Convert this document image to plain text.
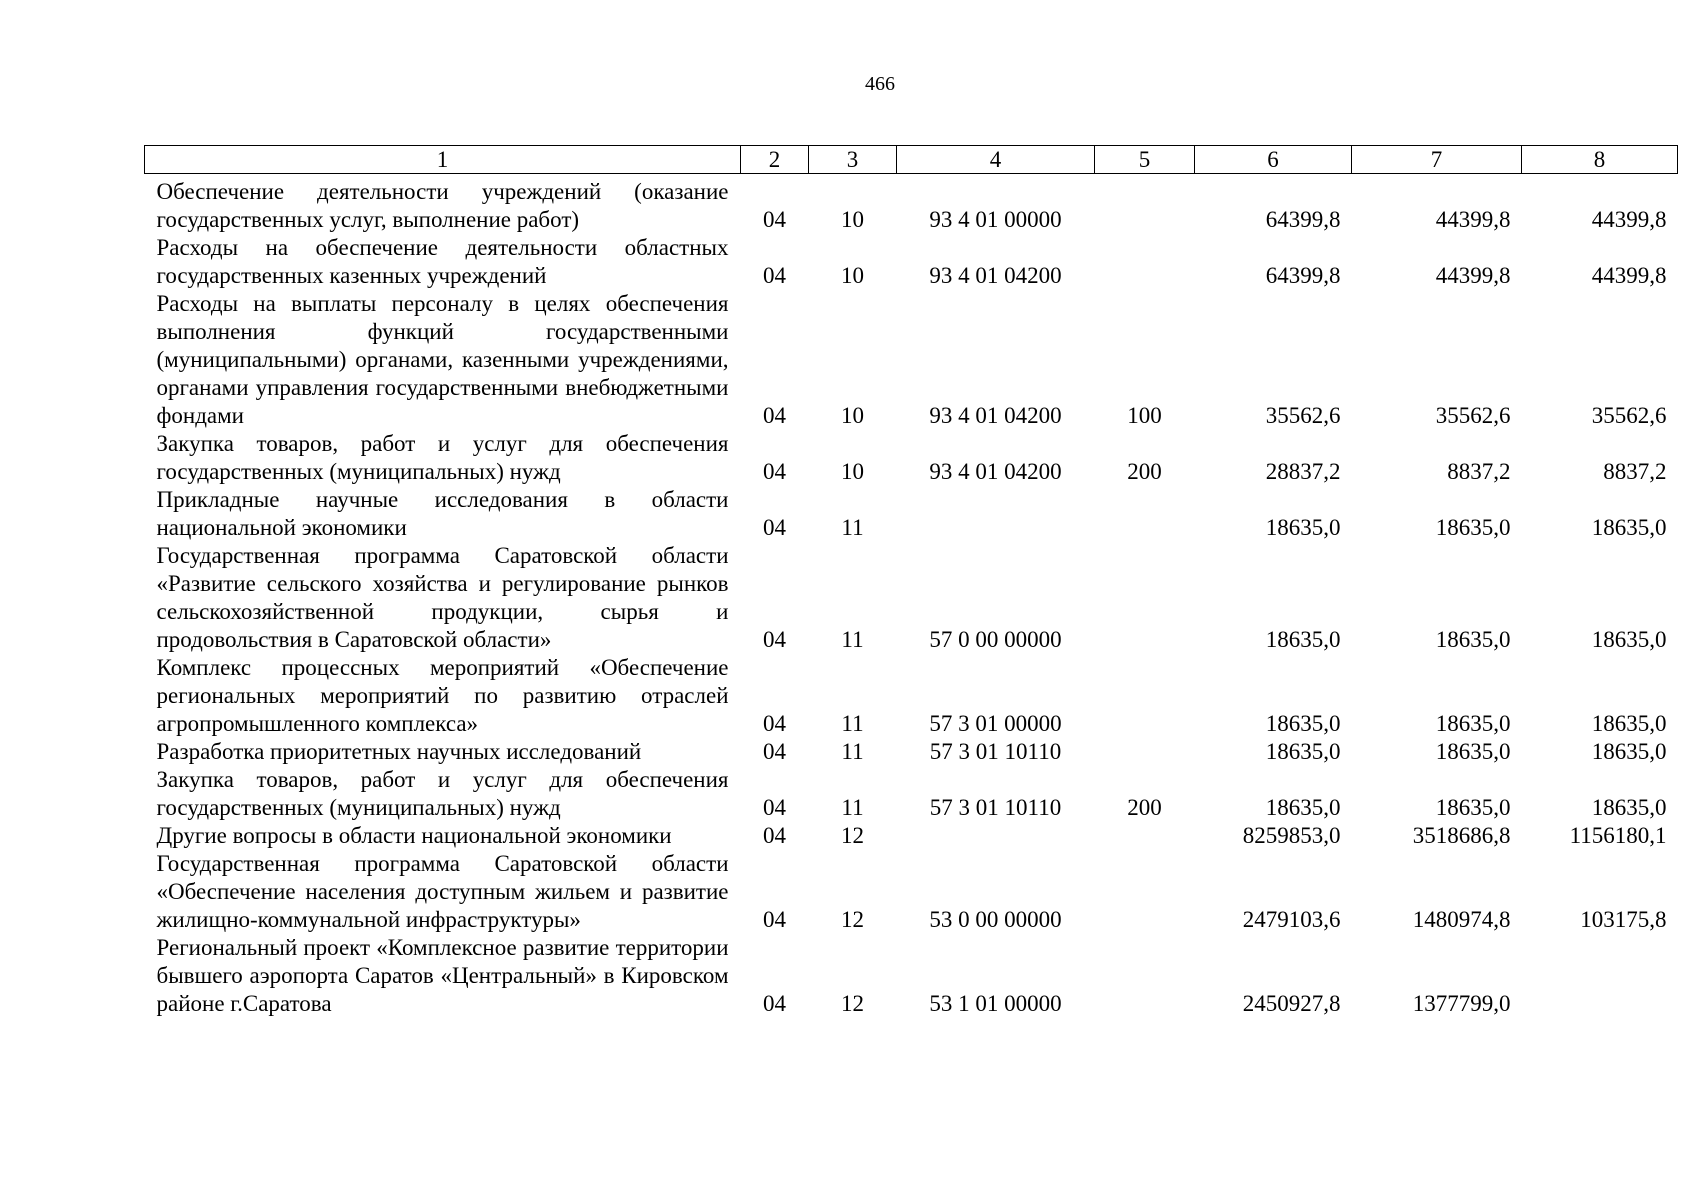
466
1	2	3	4	5	6	7	8
Обеспечение деятельности учреждений (оказание государственных услуг, выполнение работ)	04	10	93 4 01 00000		64399,8	44399,8	44399,8
Расходы на обеспечение деятельности областных государственных казенных учреждений	04	10	93 4 01 04200		64399,8	44399,8	44399,8
Расходы на выплаты персоналу в целях обеспечения выполнения функций государственными (муниципальными) органами, казенными учреждениями, органами управления государственными внебюджетными фондами	04	10	93 4 01 04200	100	35562,6	35562,6	35562,6
Закупка товаров, работ и услуг для обеспечения государственных (муниципальных) нужд	04	10	93 4 01 04200	200	28837,2	8837,2	8837,2
Прикладные научные исследования в области национальной экономики	04	11			18635,0	18635,0	18635,0
Государственная программа Саратовской области «Развитие сельского хозяйства и регулирование рынков сельскохозяйственной продукции, сырья и продовольствия в Саратовской области»	04	11	57 0 00 00000		18635,0	18635,0	18635,0
Комплекс процессных мероприятий «Обеспечение региональных мероприятий по развитию отраслей агропромышленного комплекса»	04	11	57 3 01 00000		18635,0	18635,0	18635,0
Разработка приоритетных научных исследований	04	11	57 3 01 10110		18635,0	18635,0	18635,0
Закупка товаров, работ и услуг для обеспечения государственных (муниципальных) нужд	04	11	57 3 01 10110	200	18635,0	18635,0	18635,0
Другие вопросы в области национальной экономики	04	12			8259853,0	3518686,8	1156180,1
Государственная программа Саратовской области «Обеспечение населения доступным жильем и развитие жилищно-коммунальной инфраструктуры»	04	12	53 0 00 00000		2479103,6	1480974,8	103175,8
Региональный проект «Комплексное развитие территории бывшего аэропорта Саратов «Центральный» в Кировском районе г.Саратова	04	12	53 1 01 00000		2450927,8	1377799,0	
